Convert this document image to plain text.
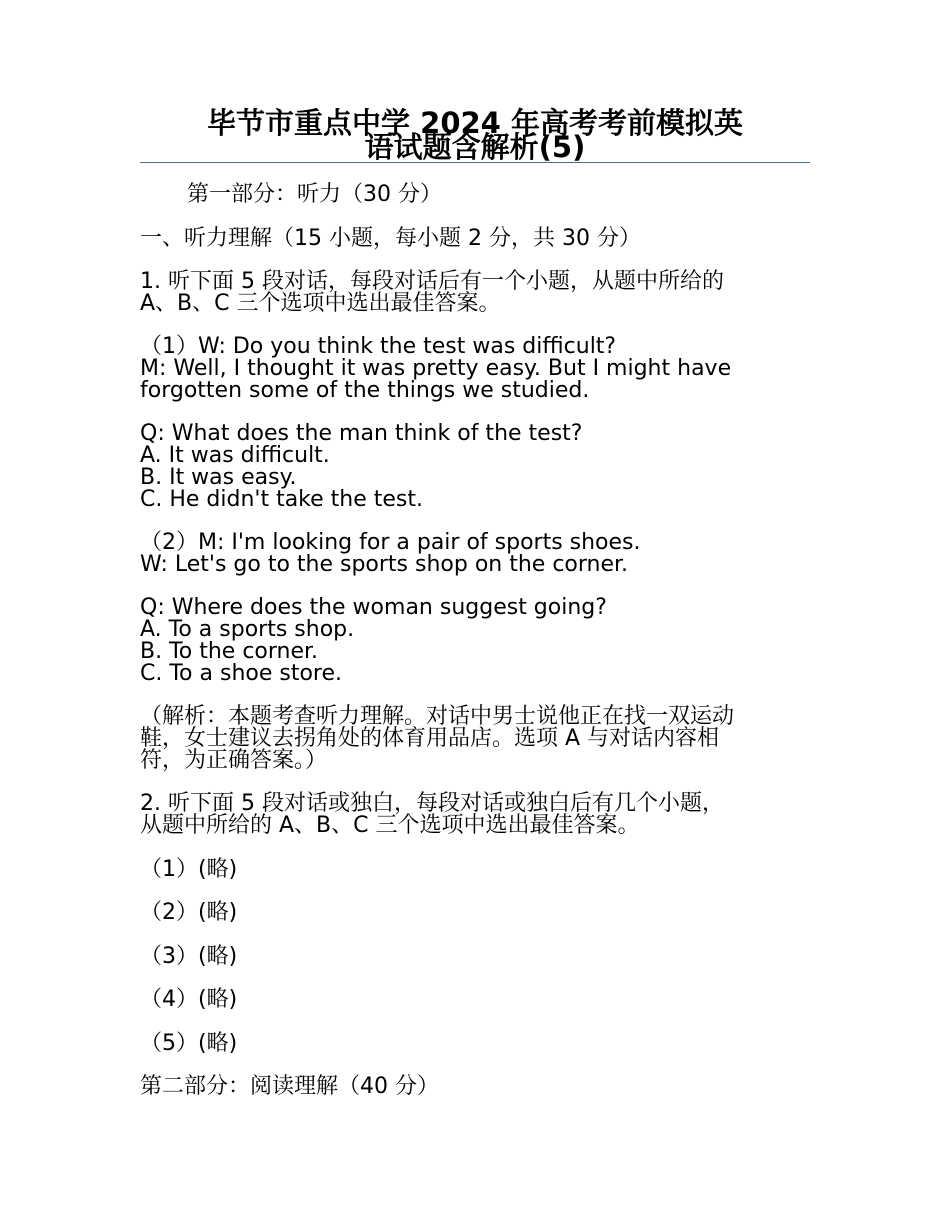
毕节市重点中学 2024 年高考考前模拟英
语试题含解析(5)
第一部分：听力（30 分）
一、听力理解（15 小题，每小题 2 分，共 30 分）
1. 听下面 5 段对话，每段对话后有一个小题，从题中所给的
A、B、C 三个选项中选出最佳答案。
（1）W: Do you think the test was difficult?
M: Well, I thought it was pretty easy. But I might have
forgotten some of the things we studied.
Q: What does the man think of the test?
A. It was difficult.
B. It was easy.
C. He didn't take the test.
（2）M: I'm looking for a pair of sports shoes.
W: Let's go to the sports shop on the corner.
Q: Where does the woman suggest going?
A. To a sports shop.
B. To the corner.
C. To a shoe store.
（解析：本题考查听力理解。对话中男士说他正在找一双运动
鞋，女士建议去拐角处的体育用品店。选项 A 与对话内容相
符，为正确答案。）
2. 听下面 5 段对话或独白，每段对话或独白后有几个小题，
从题中所给的 A、B、C 三个选项中选出最佳答案。
（1）(略)
（2）(略)
（3）(略)
（4）(略)
（5）(略)
第二部分：阅读理解（40 分）
